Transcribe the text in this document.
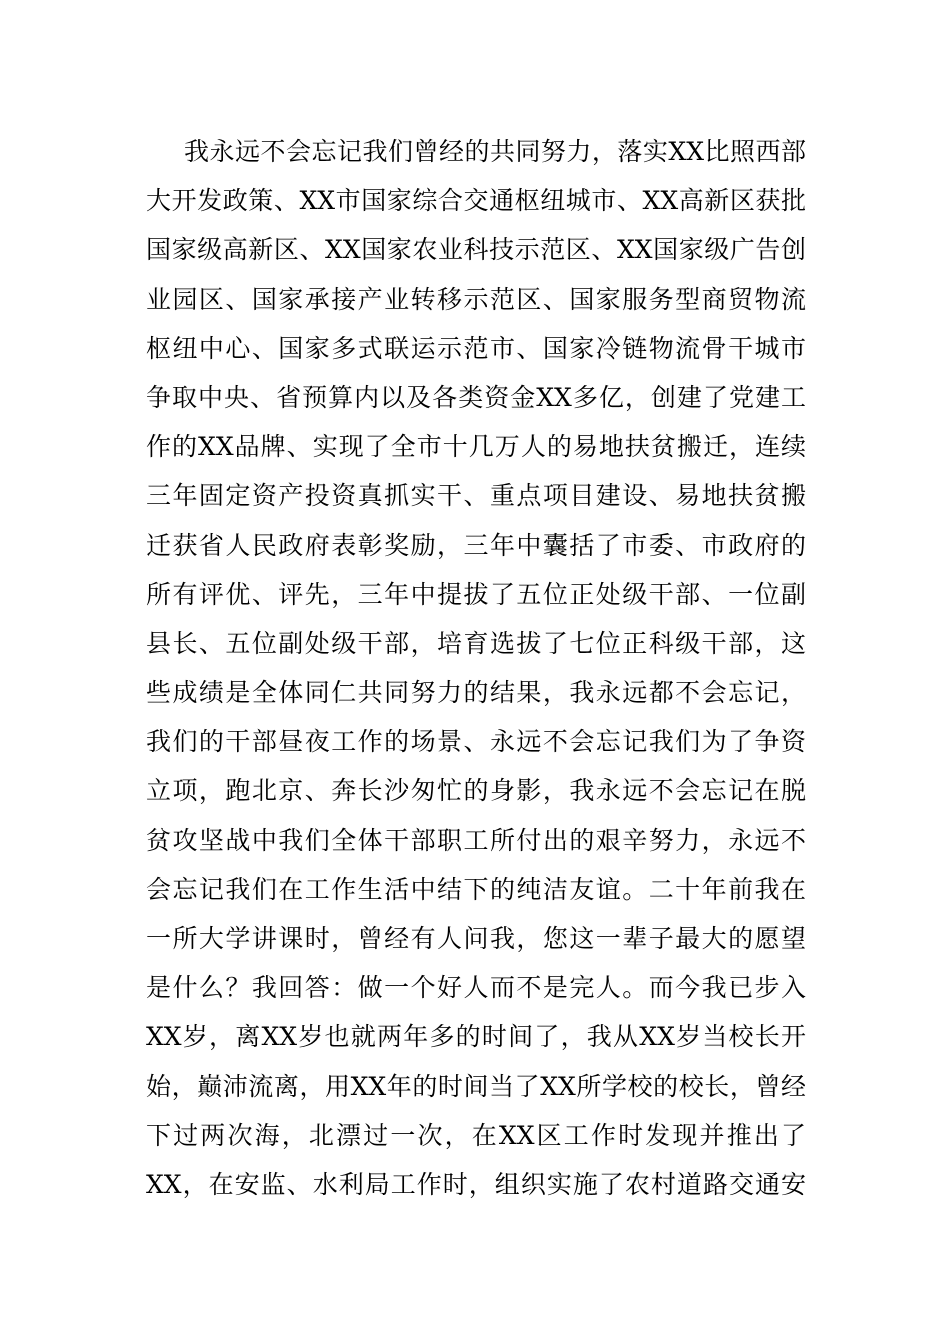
我永远不会忘记我们曾经的共同努力，落实XX比照西部
大开发政策、XX市国家综合交通枢纽城市、XX高新区获批
国家级高新区、XX国家农业科技示范区、XX国家级广告创
业园区、国家承接产业转移示范区、国家服务型商贸物流
枢纽中心、国家多式联运示范市、国家冷链物流骨干城市
争取中央、省预算内以及各类资金XX多亿，创建了党建工
作的XX品牌、实现了全市十几万人的易地扶贫搬迁，连续
三年固定资产投资真抓实干、重点项目建设、易地扶贫搬
迁获省人民政府表彰奖励，三年中囊括了市委、市政府的
所有评优、评先，三年中提拔了五位正处级干部、一位副
县长、五位副处级干部，培育选拔了七位正科级干部，这
些成绩是全体同仁共同努力的结果，我永远都不会忘记，
我们的干部昼夜工作的场景、永远不会忘记我们为了争资
立项，跑北京、奔长沙匆忙的身影，我永远不会忘记在脱
贫攻坚战中我们全体干部职工所付出的艰辛努力，永远不
会忘记我们在工作生活中结下的纯洁友谊。二十年前我在
一所大学讲课时，曾经有人问我，您这一辈子最大的愿望
是什么？我回答：做一个好人而不是完人。而今我已步入
XX岁，离XX岁也就两年多的时间了，我从XX岁当校长开
始，巅沛流离，用XX年的时间当了XX所学校的校长，曾经
下过两次海，北漂过一次，在XX区工作时发现并推出了
XX，在安监、水利局工作时，组织实施了农村道路交通安
